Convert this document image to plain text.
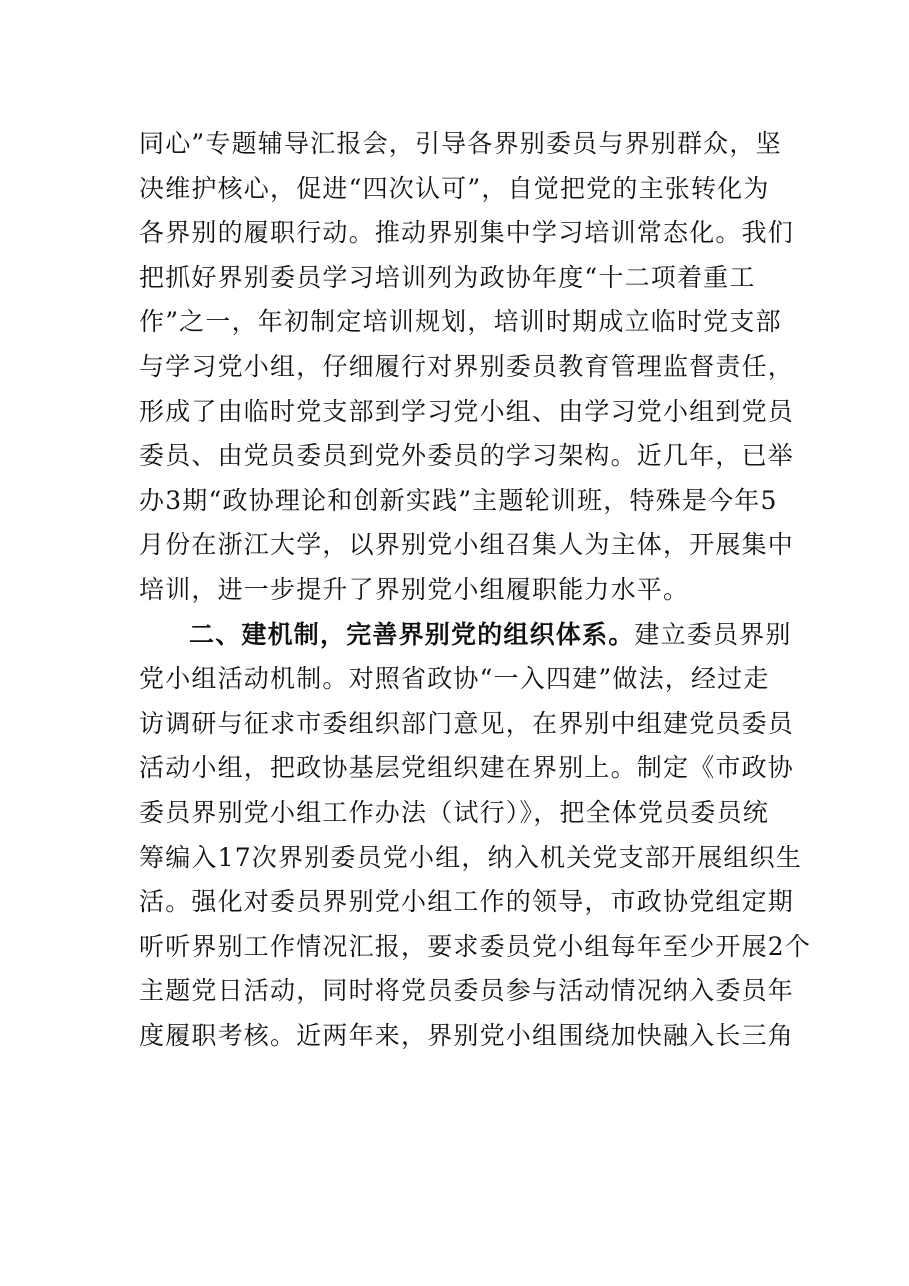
同心”专题辅导汇报会，引导各界别委员与界别群众，坚
决维护核心，促进“四次认可”，自觉把党的主张转化为
各界别的履职行动。推动界别集中学习培训常态化。我们
把抓好界别委员学习培训列为政协年度“十二项着重工
作”之一，年初制定培训规划，培训时期成立临时党支部
与学习党小组，仔细履行对界别委员教育管理监督责任，
形成了由临时党支部到学习党小组、由学习党小组到党员
委员、由党员委员到党外委员的学习架构。近几年，已举
办3期“政协理论和创新实践”主题轮训班，特殊是今年5
月份在浙江大学，以界别党小组召集人为主体，开展集中
培训，进一步提升了界别党小组履职能力水平。
二、建机制，完善界别党的组织体系。建立委员界别
党小组活动机制。对照省政协“一入四建”做法，经过走
访调研与征求市委组织部门意见，在界别中组建党员委员
活动小组，把政协基层党组织建在界别上。制定《市政协
委员界别党小组工作办法（试行）》，把全体党员委员统
筹编入17次界别委员党小组，纳入机关党支部开展组织生
活。强化对委员界别党小组工作的领导，市政协党组定期
听听界别工作情况汇报，要求委员党小组每年至少开展2个
主题党日活动，同时将党员委员参与活动情况纳入委员年
度履职考核。近两年来，界别党小组围绕加快融入长三角
